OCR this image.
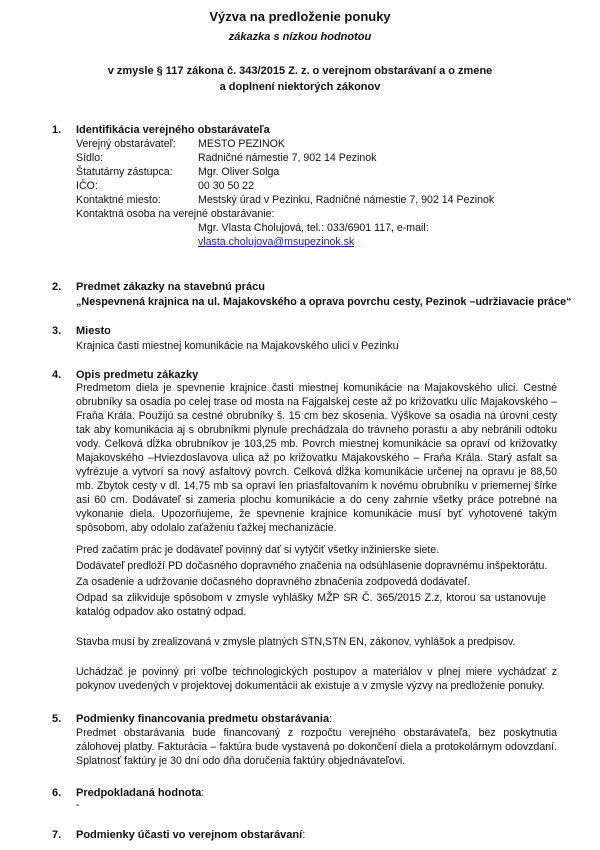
Výzva na predloženie ponuky
zákazka s nízkou hodnotou
v zmysle § 117 zákona č. 343/2015 Z. z. o verejnom obstarávaní a o zmene
a doplnení niektorých zákonov
1. Identifikácia verejného obstarávateľa
Verejný obstarávateľ: MESTO PEZINOK
Sídlo:	Radničné námestie 7, 902 14 Pezinok
Štatutárny zástupca: Mgr. Oliver Solga
IČO:	00 30 50 22
Kontaktné miesto:	Mestský úrad v Pezinku, Radničné námestie 7, 902 14 Pezinok
Kontaktná osoba na verejné obstarávanie:
Mgr. Vlasta Cholujová, tel.: 033/6901 117, e-mail:
vlasta.cholujova@msupezinok.sk
2. Predmet zákazky na stavebnú prácu
„Nespevnená krajnica na ul. Majakovského a oprava povrchu cesty, Pezinok –udržiavacie práce“
3. Miesto
Krajnica časti miestnej komunikácie na Majakovského ulici v Pezinku
4. Opis predmetu zákazky
Predmetom diela je spevnenie krajnice časti miestnej komunikácie na Majakovského ulici. Cestné obrubníky sa osadia po celej trase od mosta na Fajgalskej ceste až po križovatku ulíc Majakovského – Fraňa Krála. Použijú sa cestné obrubníky š. 15 cm bez skosenia. Výškove sa osadia na úrovni cesty tak aby komunikácia aj s obrubníkmi plynule prechádzala do trávneho porastu a aby nebránili odtoku vody. Celková dĺžka obrubníkov je 103,25 mb. Povrch miestnej komunikácie sa opraví od križovatky Majakovského –Hviezdoslavova ulica až po križovatku Majakovského – Fraňa Krála. Starý asfalt sa vyfrézuje a vytvorí sa nový asfaltový povrch. Celková dĺžka komunikácie určenej na opravu je 88,50 mb. Zbytok cesty v dl. 14,75 mb sa opraví len priasfaltovaním k novému obrubníku v priemernej šírke asi 60 cm. Dodávateľ si zameria plochu komunikácie a do ceny zahrnie všetky práce potrebné na vykonanie diela. Upozorňujeme, že spevnenie krajnice komunikácie musí byť vyhotovené takým spôsobom, aby odolalo zaťaženiu ťažkej mechanizácie.
Pred začatím prác je dodávateľ povinný dať si vytýčiť všetky inžinierske siete.
Dodávateľ predloží PD dočasného dopravného značenia na odsúhlasenie dopravnému inšpektorátu.
Za osadenie a udržovanie dočasného dopravného zbnačenia zodpovedá dodávateľ.
Odpad sa zlikviduje spôsobom v zmysle vyhlášky MŽP SR Č. 365/2015 Z.z, ktorou sa ustanovuje katalóg odpadov ako ostatný odpad.
Stavba musí by zrealizovaná v zmysle platných STN,STN EN, zákonov, vyhlášok a predpisov.
Uchádzač je povinný pri voľbe technologických postupov a materiálov v plnej miere vychádzať z pokynov uvedených v projektovej dokumentácii ak existuje a v zmysle výzvy na predloženie ponuky.
5. Podmienky financovania predmetu obstarávania:
Predmet obstarávania bude financovaný z rozpočtu verejného obstarávateľa, bez poskytnutia zálohovej platby. Fakturácia – faktúra bude vystavená po dokončení diela a protokolárnym odovzdaní. Splatnosť faktúry je 30 dní odo dňa doručenia faktúry objednávateľovi.
6. Predpokladaná hodnota:
-
7. Podmienky účasti vo verejnom obstarávaní:
